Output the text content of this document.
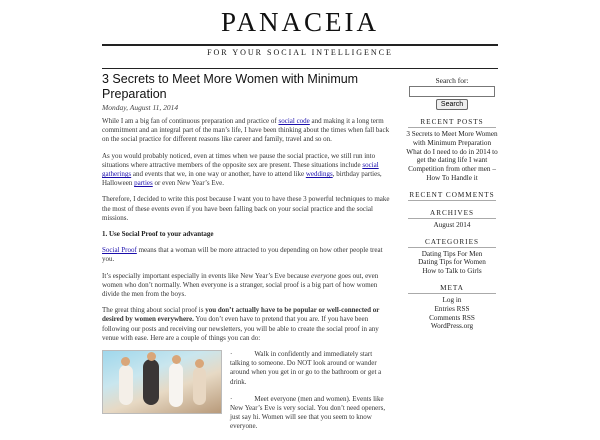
PANACEIA
FOR YOUR SOCIAL INTELLIGENCE
3 Secrets to Meet More Women with Minimum Preparation
Monday, August 11, 2014

While I am a big fan of continuous preparation and practice of social code and making it a long term commitment and an integral part of the man’s life, I have been thinking about the times when fall back on the social practice for different reasons like career and family, travel and so on.

As you would probably noticed, even at times when we pause the social practice, we still run into situations where attractive members of the opposite sex are present. These situations include social gatherings and events that we, in one way or another, have to attend like weddings, birthday parties, Halloween parties or even New Year’s Eve.

Therefore, I decided to write this post because I want you to have these 3 powerful techniques to make the most of these events even if you have been falling back on your social practice and the social missions.

1. Use Social Proof to your advantage

Social Proof means that a woman will be more attracted to you depending on how other people treat you.

It’s especially important especially in events like New Year’s Eve because everyone goes out, even women who don’t normally. When everyone is a stranger, social proof is a big part of how women divide the men from the boys.

The great thing about social proof is you don’t actually have to be popular or well-connected or desired by women everywhere. You don’t even have to pretend that you are. If you have been following our posts and receiving our newsletters, you will be able to create the social proof in any venue with ease. Here are a couple of things you can do:

·	Walk in confidently and immediately start talking to someone. Do NOT look around or wander around when you get in or go to the bathroom or get a drink.

·	Meet everyone (men and women). Events like New Year’s Eve is very social. You don’t need openers, just say hi. Women will see that you seem to know everyone.

Search for:
Search
RECENT POSTS
3 Secrets to Meet More Women with Minimum Preparation
What do I need to do in 2014 to get the dating life I want
Competition from other men – How To Handle it
RECENT COMMENTS
ARCHIVES
August 2014
CATEGORIES
Dating Tips For Men
Dating Tips for Women
How to Talk to Girls
META
Log in
Entries RSS
Comments RSS
WordPress.org
